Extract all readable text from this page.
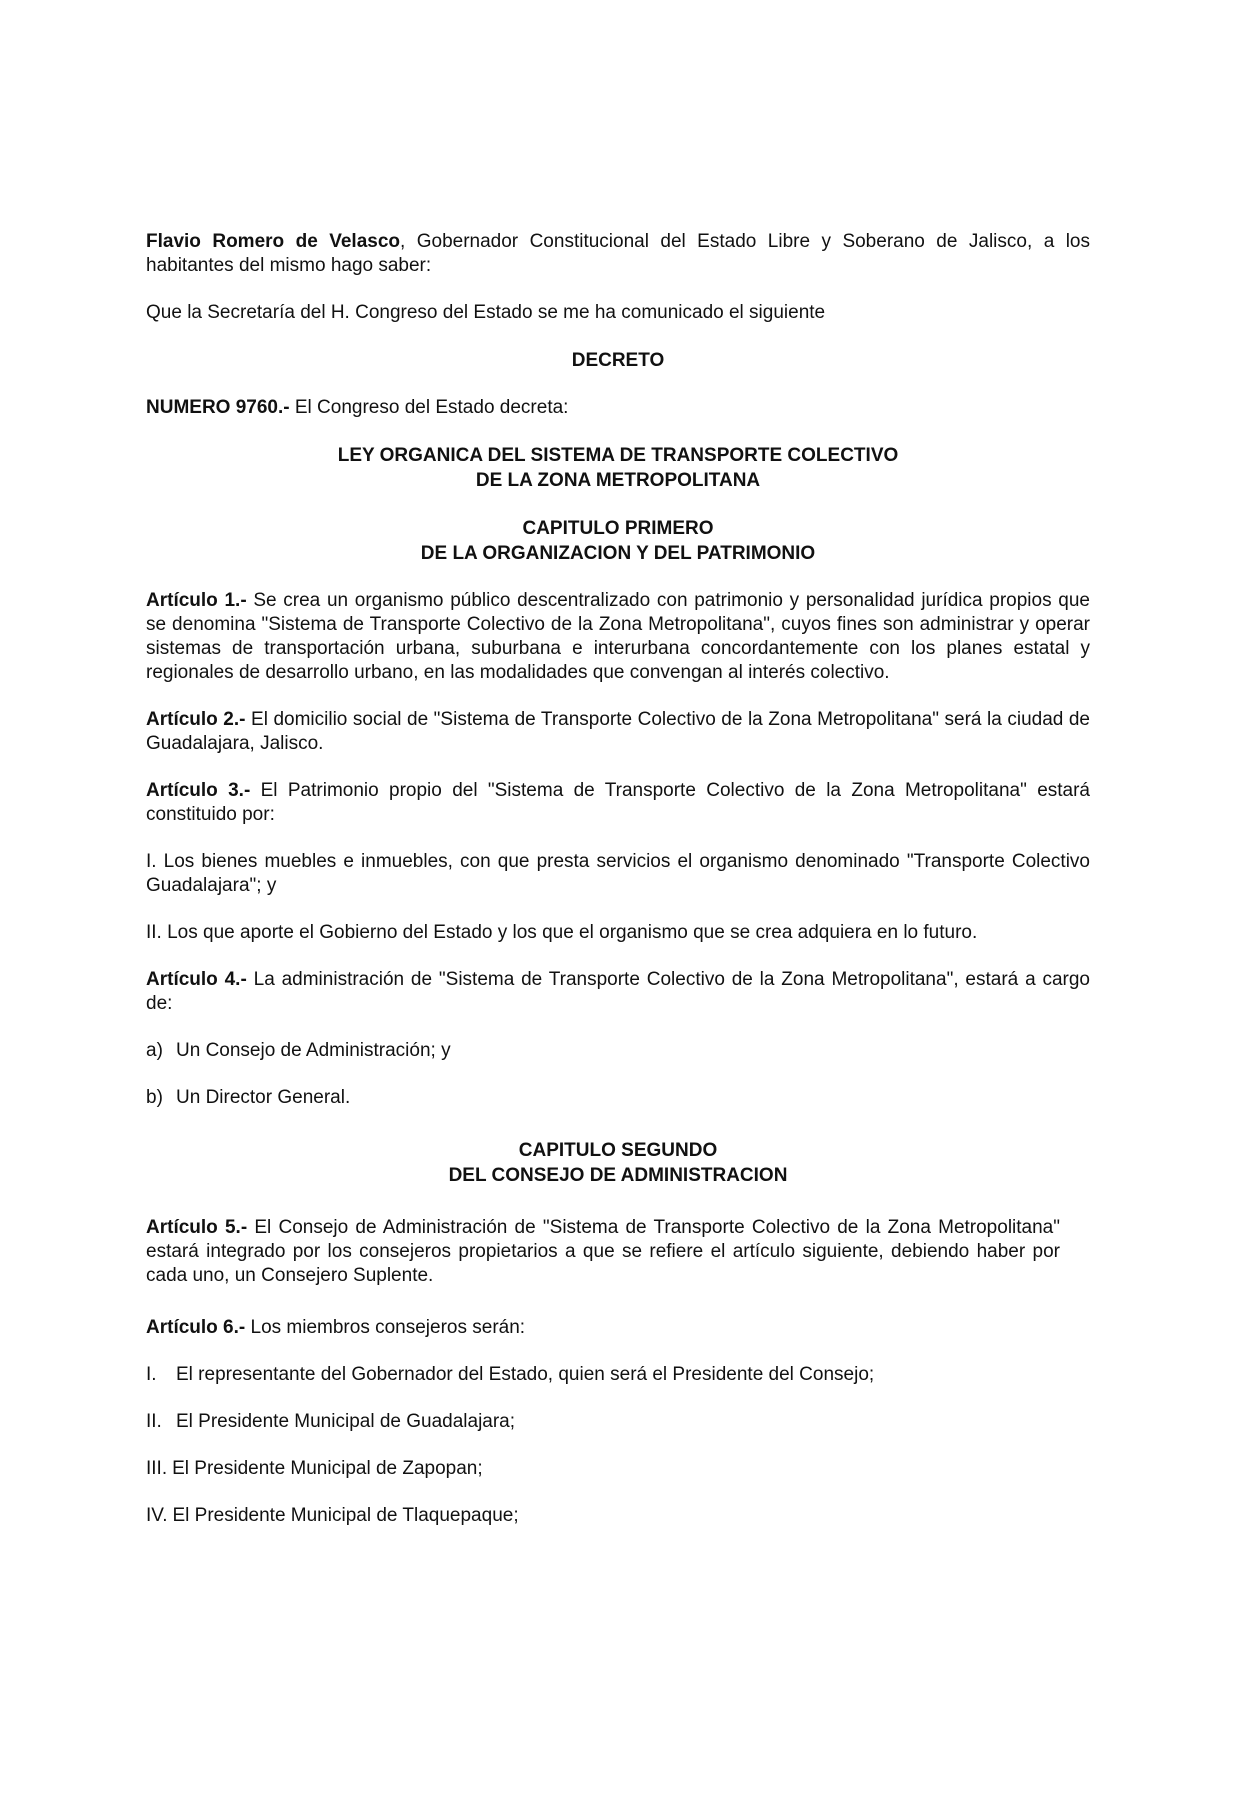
Flavio Romero de Velasco, Gobernador Constitucional del Estado Libre y Soberano de Jalisco, a los habitantes del mismo hago saber:

Que la Secretaría del H. Congreso del Estado se me ha comunicado el siguiente

DECRETO

NUMERO 9760.- El Congreso del Estado decreta:

LEY ORGANICA DEL SISTEMA DE TRANSPORTE COLECTIVO
DE LA ZONA METROPOLITANA
CAPITULO PRIMERO
DE LA ORGANIZACION Y DEL PATRIMONIO

Artículo 1.- Se crea un organismo público descentralizado con patrimonio y personalidad jurídica propios que se denomina "Sistema de Transporte Colectivo de la Zona Metropolitana", cuyos fines son administrar y operar sistemas de transportación urbana, suburbana e interurbana concordantemente con los planes estatal y regionales de desarrollo urbano, en las modalidades que convengan al interés colectivo.

Artículo 2.- El domicilio social de "Sistema de Transporte Colectivo de la Zona Metropolitana" será la ciudad de Guadalajara, Jalisco.

Artículo 3.- El Patrimonio propio del "Sistema de Transporte Colectivo de la Zona Metropolitana" estará constituido por:

I. Los bienes muebles e inmuebles, con que presta servicios el organismo denominado "Transporte Colectivo Guadalajara"; y

II. Los que aporte el Gobierno del Estado y los que el organismo que se crea adquiera en lo futuro.

Artículo 4.- La administración de "Sistema de Transporte Colectivo de la Zona Metropolitana", estará a cargo de:

a) Un Consejo de Administración; y
b) Un Director General.
CAPITULO SEGUNDO
DEL CONSEJO DE ADMINISTRACION

Artículo 5.- El Consejo de Administración de "Sistema de Transporte Colectivo de la Zona Metropolitana" estará integrado por los consejeros propietarios a que se refiere el artículo siguiente, debiendo haber por cada uno, un Consejero Suplente.

Artículo 6.- Los miembros consejeros serán:

I. El representante del Gobernador del Estado, quien será el Presidente del Consejo;
II. El Presidente Municipal de Guadalajara;
III. El Presidente Municipal de Zapopan;
IV. El Presidente Municipal de Tlaquepaque;
